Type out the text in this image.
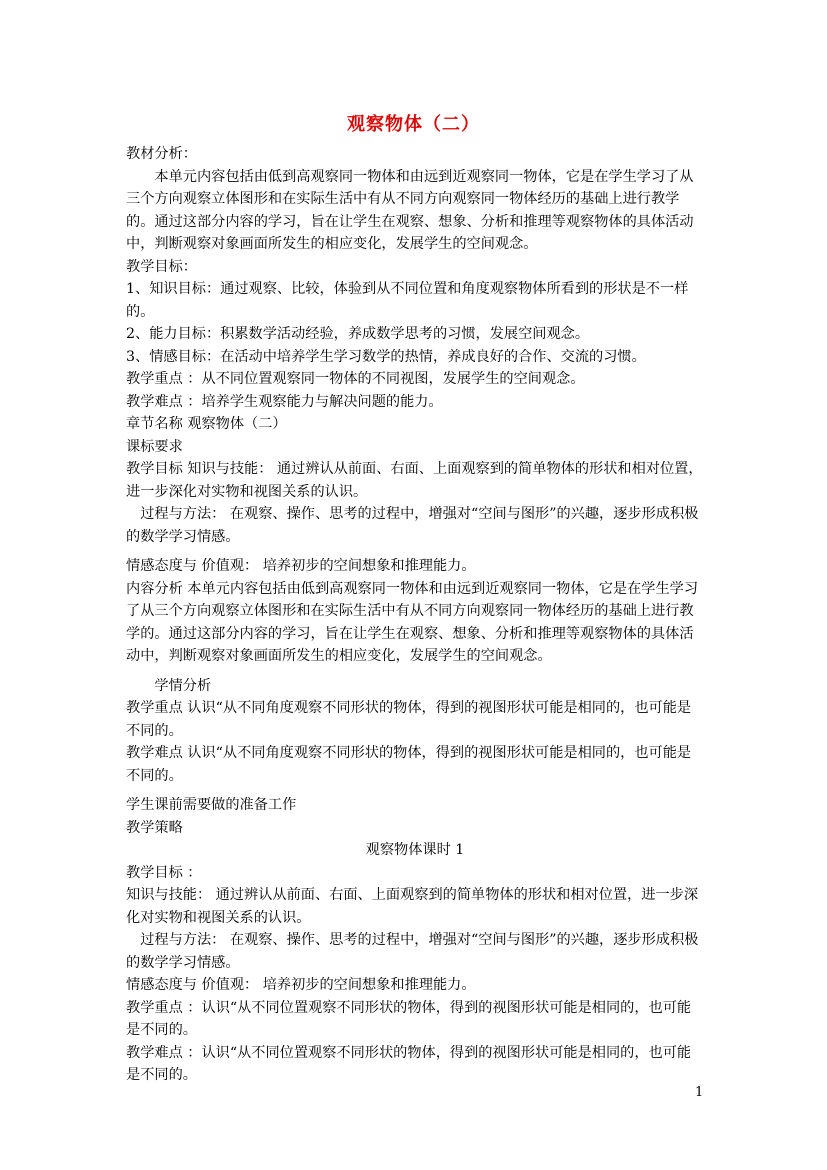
观察物体（二）

教材分析：

本单元内容包括由低到高观察同一物体和由远到近观察同一物体，它是在学生学习了从三个方向观察立体图形和在实际生活中有从不同方向观察同一物体经历的基础上进行教学的。通过这部分内容的学习，旨在让学生在观察、想象、分析和推理等观察物体的具体活动中，判断观察对象画面所发生的相应变化，发展学生的空间观念。

教学目标：

1、知识目标：通过观察、比较，体验到从不同位置和角度观察物体所看到的形状是不一样的。

2、能力目标：积累数学活动经验，养成数学思考的习惯，发展空间观念。

3、情感目标：在活动中培养学生学习数学的热情，养成良好的合作、交流的习惯。

教学重点 ：从不同位置观察同一物体的不同视图，发展学生的空间观念。

教学难点 ：培养学生观察能力与解决问题的能力。

章节名称 观察物体（二）

课标要求

教学目标 知识与技能： 通过辨认从前面、右面、上面观察到的简单物体的形状和相对位置，进一步深化对实物和视图关系的认识。

过程与方法： 在观察、操作、思考的过程中，增强对“空间与图形”的兴趣，逐步形成积极的数学学习情感。

情感态度与 价值观： 培养初步的空间想象和推理能力。

内容分析 本单元内容包括由低到高观察同一物体和由远到近观察同一物体，它是在学生学习了从三个方向观察立体图形和在实际生活中有从不同方向观察同一物体经历的基础上进行教学的。通过这部分内容的学习，旨在让学生在观察、想象、分析和推理等观察物体的具体活动中，判断观察对象画面所发生的相应变化，发展学生的空间观念。

学情分析

教学重点 认识“从不同角度观察不同形状的物体，得到的视图形状可能是相同的，也可能是不同的。

教学难点 认识“从不同角度观察不同形状的物体，得到的视图形状可能是相同的，也可能是不同的。

学生课前需要做的准备工作

教学策略

观察物体课时 1

教学目标 ：

知识与技能： 通过辨认从前面、右面、上面观察到的简单物体的形状和相对位置，进一步深化对实物和视图关系的认识。

过程与方法： 在观察、操作、思考的过程中，增强对“空间与图形”的兴趣，逐步形成积极的数学学习情感。

情感态度与 价值观： 培养初步的空间想象和推理能力。

教学重点 ：认识“从不同位置观察不同形状的物体，得到的视图形状可能是相同的，也可能是不同的。

教学难点 ：认识“从不同位置观察不同形状的物体，得到的视图形状可能是相同的，也可能是不同的。

1
